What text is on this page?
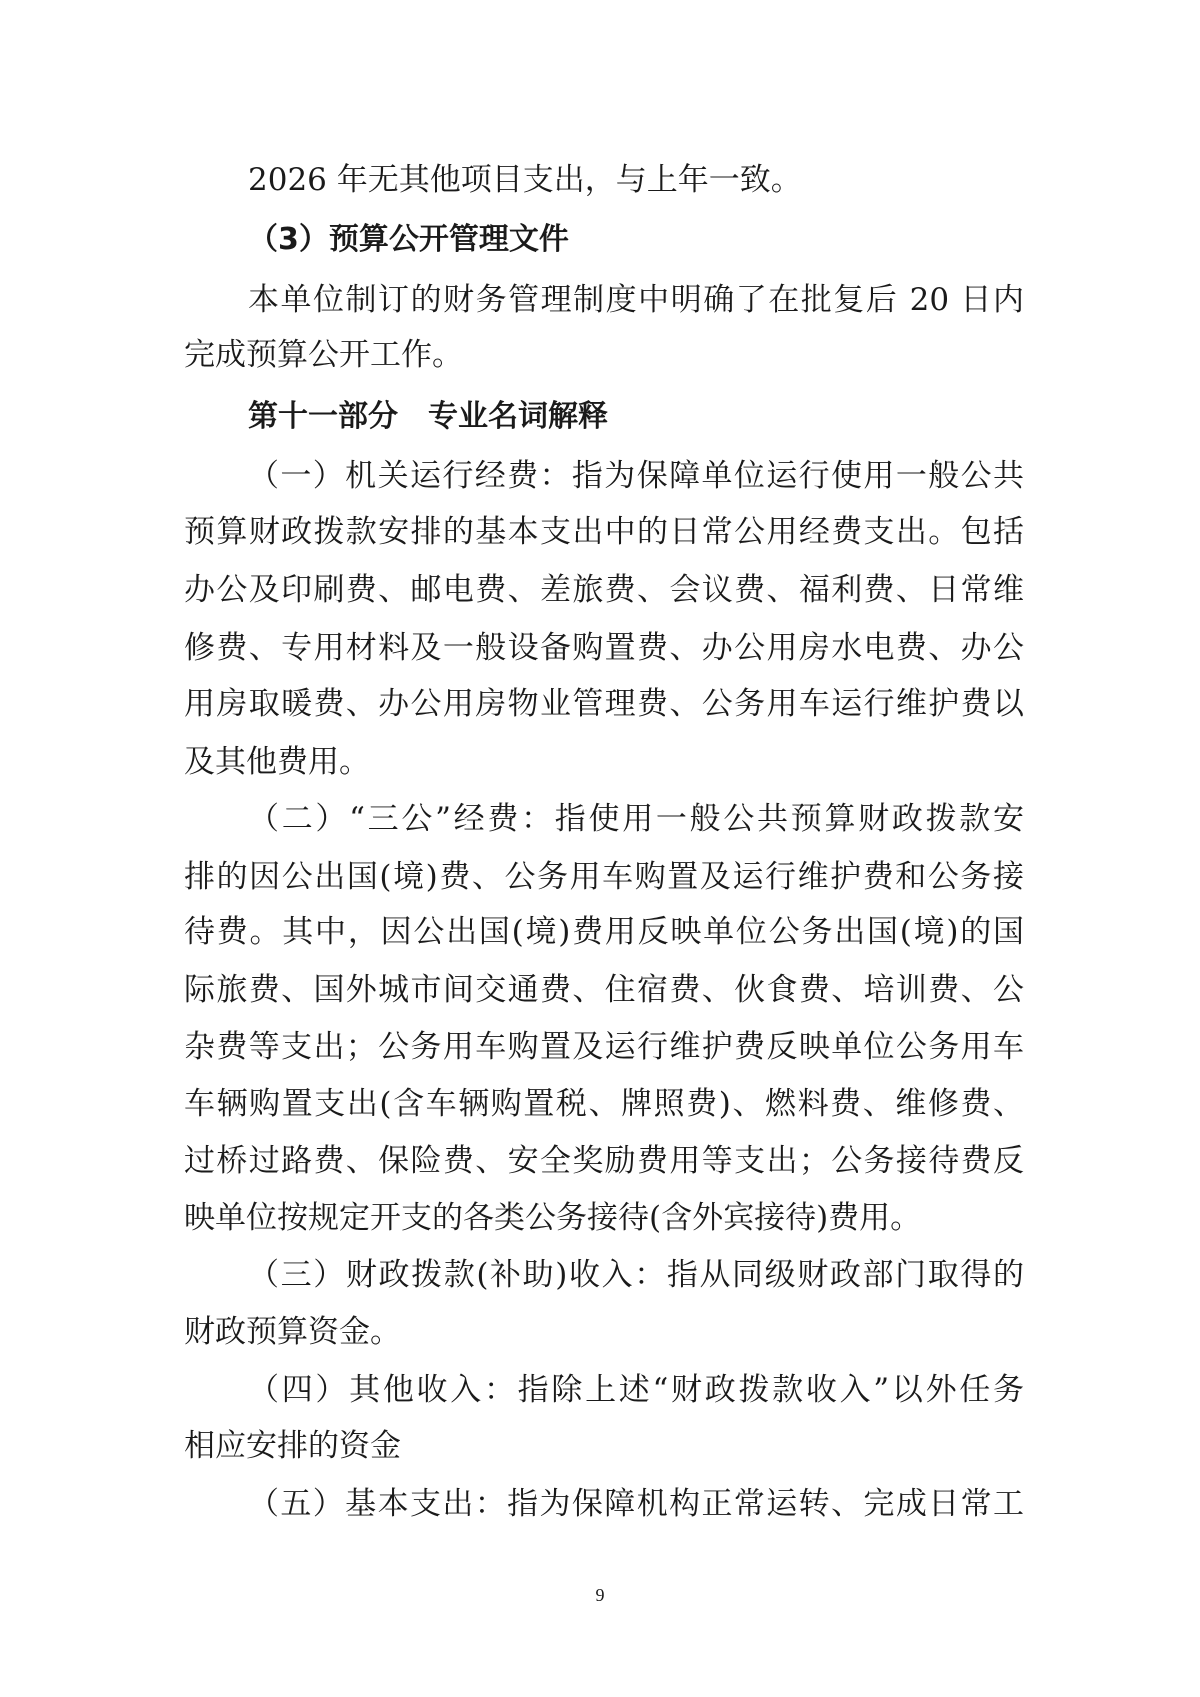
2026 年无其他项目支出，与上年一致。
（3）预算公开管理文件
本单位制订的财务管理制度中明确了在批复后 20 日内
完成预算公开工作。
第十一部分　专业名词解释
（一）机关运行经费：指为保障单位运行使用一般公共
预算财政拨款安排的基本支出中的日常公用经费支出。包括
办公及印刷费、邮电费、差旅费、会议费、福利费、日常维
修费、专用材料及一般设备购置费、办公用房水电费、办公
用房取暖费、办公用房物业管理费、公务用车运行维护费以
及其他费用。
（二）“三公”经费：指使用一般公共预算财政拨款安
排的因公出国(境)费、公务用车购置及运行维护费和公务接
待费。其中，因公出国(境)费用反映单位公务出国(境)的国
际旅费、国外城市间交通费、住宿费、伙食费、培训费、公
杂费等支出；公务用车购置及运行维护费反映单位公务用车
车辆购置支出(含车辆购置税、牌照费)、燃料费、维修费、
过桥过路费、保险费、安全奖励费用等支出；公务接待费反
映单位按规定开支的各类公务接待(含外宾接待)费用。
（三）财政拨款(补助)收入：指从同级财政部门取得的
财政预算资金。
（四）其他收入：指除上述“财政拨款收入”以外任务
相应安排的资金
（五）基本支出：指为保障机构正常运转、完成日常工
9
